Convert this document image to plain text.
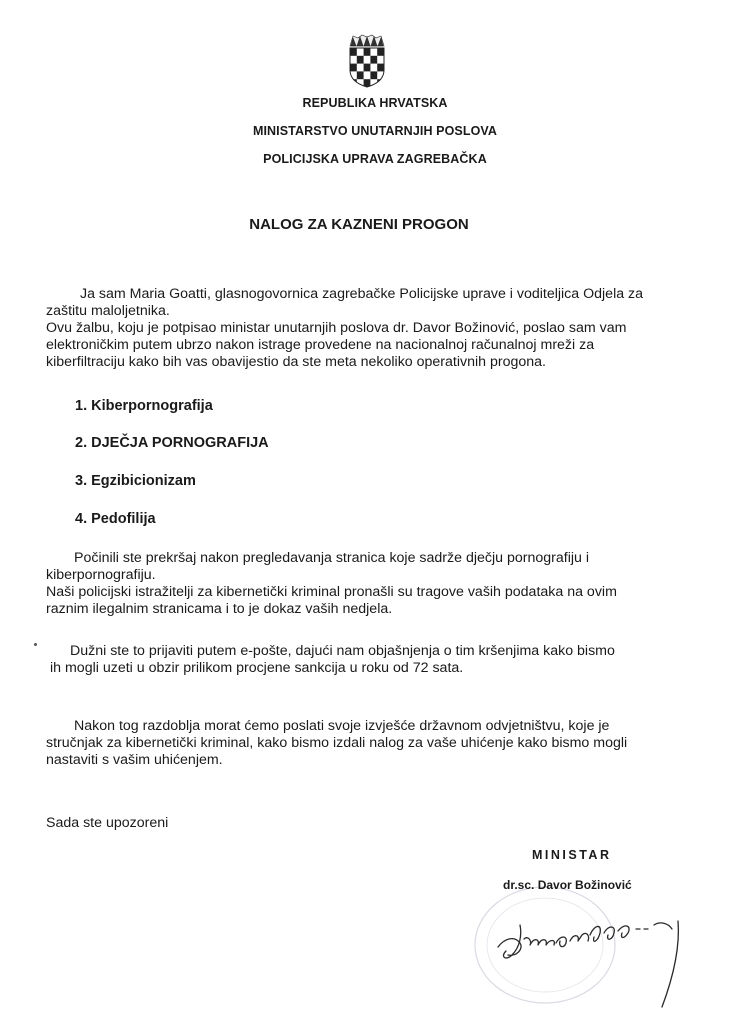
REPUBLIKA HRVATSKA
MINISTARSTVO UNUTARNJIH POSLOVA
POLICIJSKA UPRAVA ZAGREBAČKA
NALOG ZA KAZNENI PROGON
Ja sam Maria Goatti, glasnogovornica zagrebačke Policijske uprave i voditeljica Odjela za
zaštitu maloljetnika.
Ovu žalbu, koju je potpisao ministar unutarnjih poslova dr. Davor Božinović, poslao sam vam
elektroničkim putem ubrzo nakon istrage provedene na nacionalnoj računalnoj mreži za
kiberfiltraciju kako bih vas obavijestio da ste meta nekoliko operativnih progona.
1. Kiberpornografija
2. DJEČJA PORNOGRAFIJA
3. Egzibicionizam
4. Pedofilija
Počinili ste prekršaj nakon pregledavanja stranica koje sadrže dječju pornografiju i
kiberpornografiju.
Naši policijski istražitelji za kibernetički kriminal pronašli su tragove vaših podataka na ovim
raznim ilegalnim stranicama i to je dokaz vaših nedjela.
Dužni ste to prijaviti putem e-pošte, dajući nam objašnjenja o tim kršenjima kako bismo
ih mogli uzeti u obzir prilikom procjene sankcija u roku od 72 sata.
Nakon tog razdoblja morat ćemo poslati svoje izvješće državnom odvjetništvu, koje je
stručnjak za kibernetički kriminal, kako bismo izdali nalog za vaše uhićenje kako bismo mogli
nastaviti s vašim uhićenjem.
Sada ste upozoreni
MINISTAR
dr.sc. Davor Božinović
